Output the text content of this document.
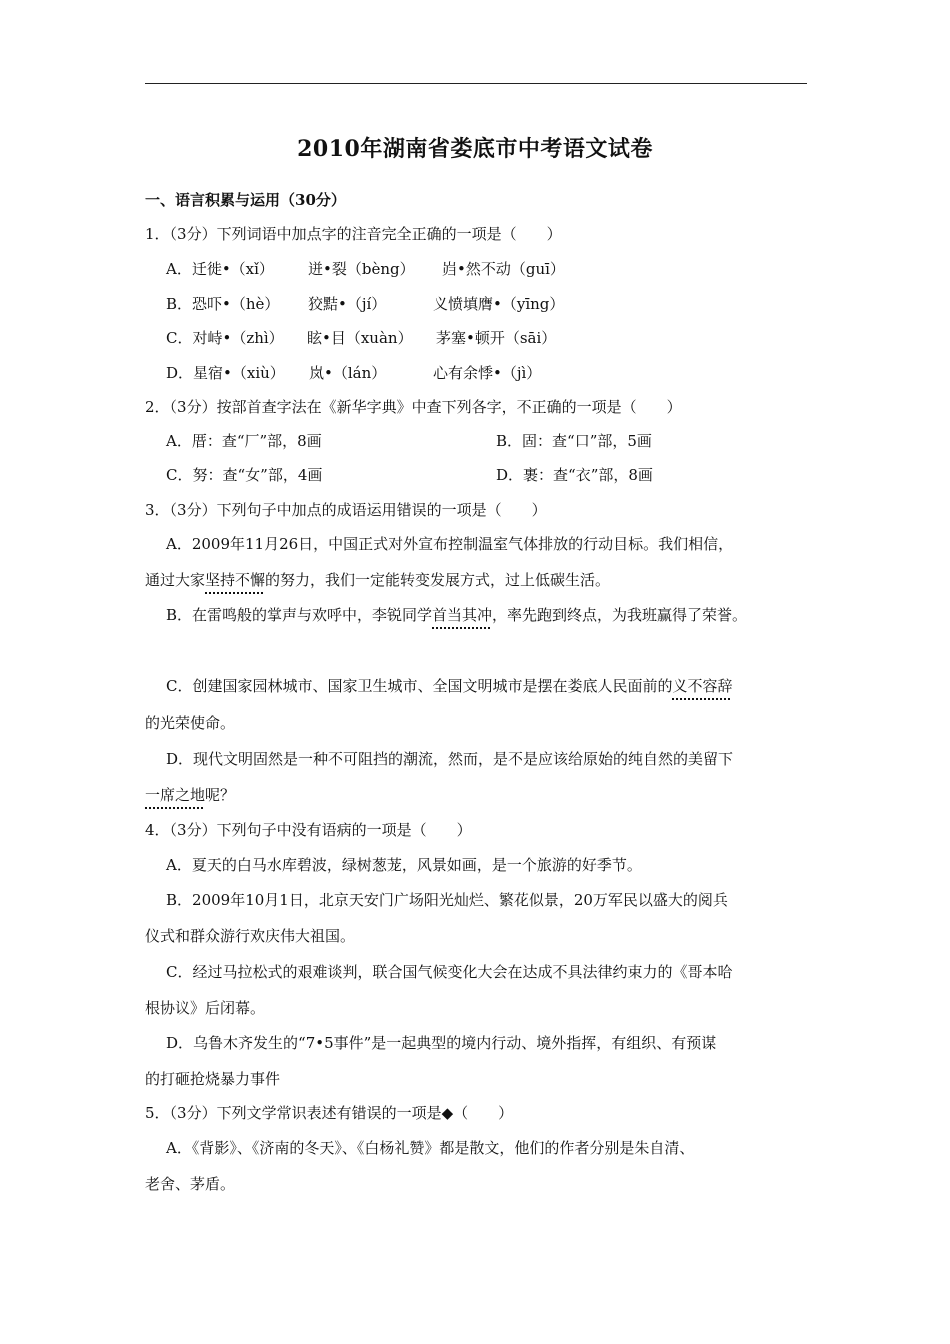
2010年湖南省娄底市中考语文试卷
一、语言积累与运用（30分）
1．（3分）下列词语中加点字的注音完全正确的一项是（　　）
A．迁徙•（xǐ） 迸•裂（bèng） 岿•然不动（guī）
B．恐吓•（hè） 狡黠•（jí）	义愤填膺•（yīng）
C．对峙•（zhì） 眩•目（xuàn） 茅塞•顿开（sāi）
D．星宿•（xiù） 岚•（lán）	心有余悸•（jì）
2．（3分）按部首查字法在《新华字典》中查下列各字，不正确的一项是（　　）
A．厝：查“厂”部，8画	B．固：查“口”部，5画
C．努：查“女”部，4画	D．裹：查“衣”部，8画
3．（3分）下列句子中加点的成语运用错误的一项是（　　）
A．2009年11月26日，中国正式对外宣布控制温室气体排放的行动目标。我们相信，
通过大家坚持不懈的努力，我们一定能转变发展方式，过上低碳生活。
B．在雷鸣般的掌声与欢呼中，李锐同学首当其冲，率先跑到终点，为我班赢得了荣誉。
C．创建国家园林城市、国家卫生城市、全国文明城市是摆在娄底人民面前的义不容辞
的光荣使命。
D．现代文明固然是一种不可阻挡的潮流，然而，是不是应该给原始的纯自然的美留下
一席之地呢？
4．（3分）下列句子中没有语病的一项是（　　）
A．夏天的白马水库碧波，绿树葱茏，风景如画，是一个旅游的好季节。
B．2009年10月1日，北京天安门广场阳光灿烂、繁花似景，20万军民以盛大的阅兵
仪式和群众游行欢庆伟大祖国。
C．经过马拉松式的艰难谈判，联合国气候变化大会在达成不具法律约束力的《哥本哈
根协议》后闭幕。
D．乌鲁木齐发生的“7•5事件”是一起典型的境内行动、境外指挥，有组织、有预谋
的打砸抢烧暴力事件
5．（3分）下列文学常识表述有错误的一项是◆（　　）
A．《背影》、《济南的冬天》、《白杨礼赞》都是散文，他们的作者分别是朱自清、
老舍、茅盾。
